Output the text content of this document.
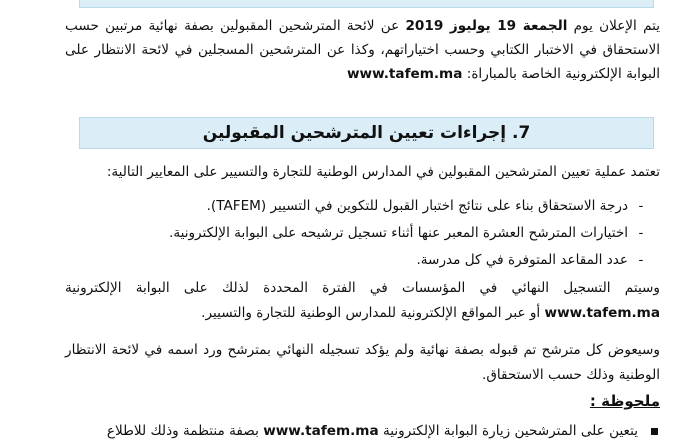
يتم الإعلان يوم الجمعة 19 يوليوز 2019 عن لائحة المترشحين المقبولين بصفة نهائية مرتبين حسب الاستحقاق في الاختبار الكتابي وحسب اختياراتهم، وكذا عن المترشحين المسجلين في لائحة الانتظار على البوابة الإلكترونية الخاصة بالمباراة: www.tafem.ma
7. إجراءات تعيين المترشحين المقبولين
تعتمد عملية تعيين المترشحين المقبولين في المدارس الوطنية للتجارة والتسيير على المعايير التالية:
-
درجة الاستحقاق بناء على نتائج اختبار القبول للتكوين في التسيير (TAFEM).
-
اختيارات المترشح العشرة المعبر عنها أثناء تسجيل ترشيحه على البوابة الإلكترونية.
-
عدد المقاعد المتوفرة في كل مدرسة.
وسيتم التسجيل النهائي في المؤسسات في الفترة المحددة لذلك على البوابة الإلكترونية www.tafem.ma أو عبر المواقع الإلكترونية للمدارس الوطنية للتجارة والتسيير.
وسيعوض كل مترشح تم قبوله بصفة نهائية ولم يؤكد تسجيله النهائي بمترشح ورد اسمه في لائحة الانتظار الوطنية وذلك حسب الاستحقاق.
ملحوظة :
يتعين على المترشحين زيارة البوابة الإلكترونية www.tafem.ma بصفة منتظمة وذلك للاطلاع
